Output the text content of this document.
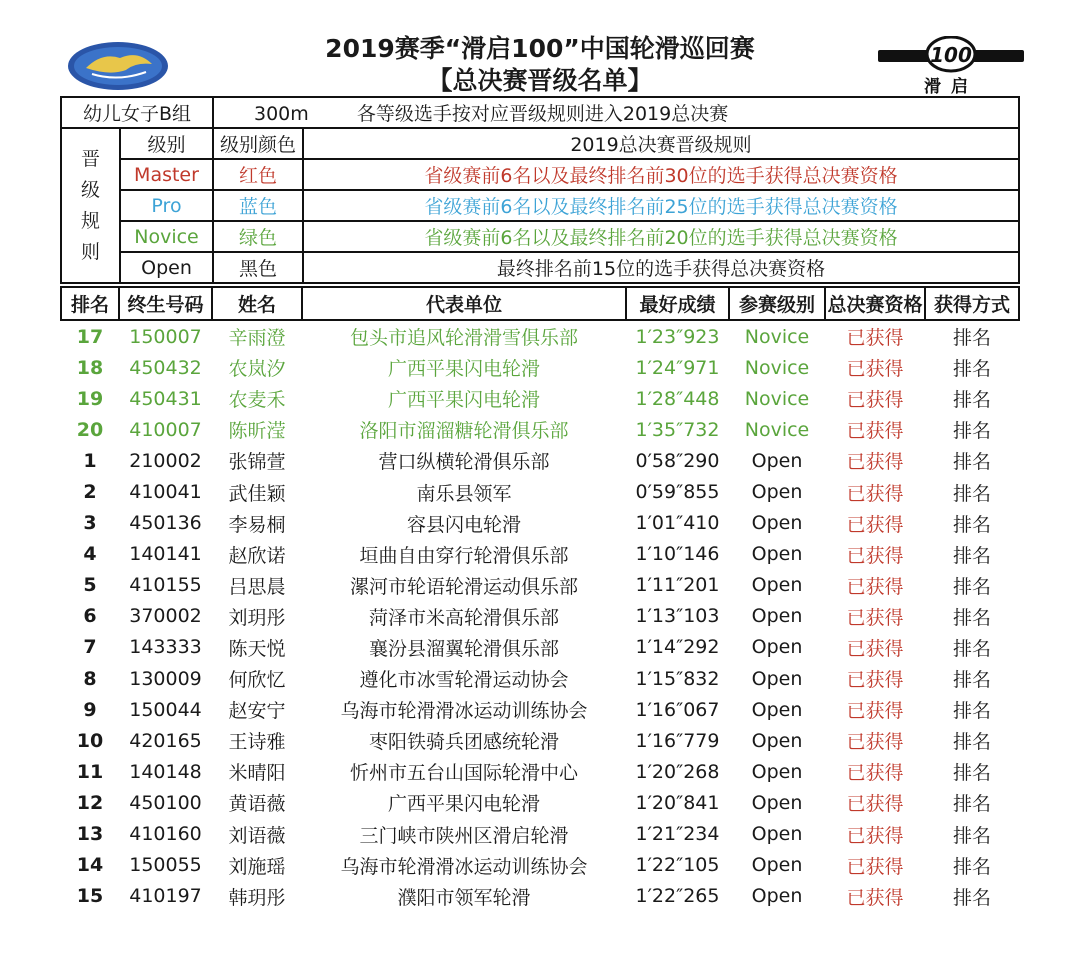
2019赛季“滑启100”中国轮滑巡回赛
【总决赛晋级名单】
100
滑启
幼儿女子B组	300m	各等级选手按对应晋级规则进入2019总决赛

晋级规则
	级别	级别颜色	2019总决赛晋级规则
Master	红色	省级赛前6名以及最终排名前30位的选手获得总决赛资格
Pro	蓝色	省级赛前6名以及最终排名前25位的选手获得总决赛资格
Novice	绿色	省级赛前6名以及最终排名前20位的选手获得总决赛资格
Open	黑色	最终排名前15位的选手获得总决赛资格
排名	终生号码	姓名	代表单位	最好成绩	参赛级别	总决赛资格	获得方式
17	150007	辛雨澄	包头市追风轮滑滑雪俱乐部	1′23″923	Novice	已获得	排名
18	450432	农岚汐	广西平果闪电轮滑	1′24″971	Novice	已获得	排名
19	450431	农麦禾	广西平果闪电轮滑	1′28″448	Novice	已获得	排名
20	410007	陈昕滢	洛阳市溜溜糖轮滑俱乐部	1′35″732	Novice	已获得	排名
1	210002	张锦萱	营口纵横轮滑俱乐部	0′58″290	Open	已获得	排名
2	410041	武佳颖	南乐县领军	0′59″855	Open	已获得	排名
3	450136	李易桐	容县闪电轮滑	1′01″410	Open	已获得	排名
4	140141	赵欣诺	垣曲自由穿行轮滑俱乐部	1′10″146	Open	已获得	排名
5	410155	吕思晨	漯河市轮语轮滑运动俱乐部	1′11″201	Open	已获得	排名
6	370002	刘玥彤	菏泽市米高轮滑俱乐部	1′13″103	Open	已获得	排名
7	143333	陈天悦	襄汾县溜翼轮滑俱乐部	1′14″292	Open	已获得	排名
8	130009	何欣忆	遵化市冰雪轮滑运动协会	1′15″832	Open	已获得	排名
9	150044	赵安宁	乌海市轮滑滑冰运动训练协会	1′16″067	Open	已获得	排名
10	420165	王诗雅	枣阳铁骑兵团感统轮滑	1′16″779	Open	已获得	排名
11	140148	米晴阳	忻州市五台山国际轮滑中心	1′20″268	Open	已获得	排名
12	450100	黄语薇	广西平果闪电轮滑	1′20″841	Open	已获得	排名
13	410160	刘语薇	三门峡市陕州区滑启轮滑	1′21″234	Open	已获得	排名
14	150055	刘施瑶	乌海市轮滑滑冰运动训练协会	1′22″105	Open	已获得	排名
15	410197	韩玥彤	濮阳市领军轮滑	1′22″265	Open	已获得	排名
